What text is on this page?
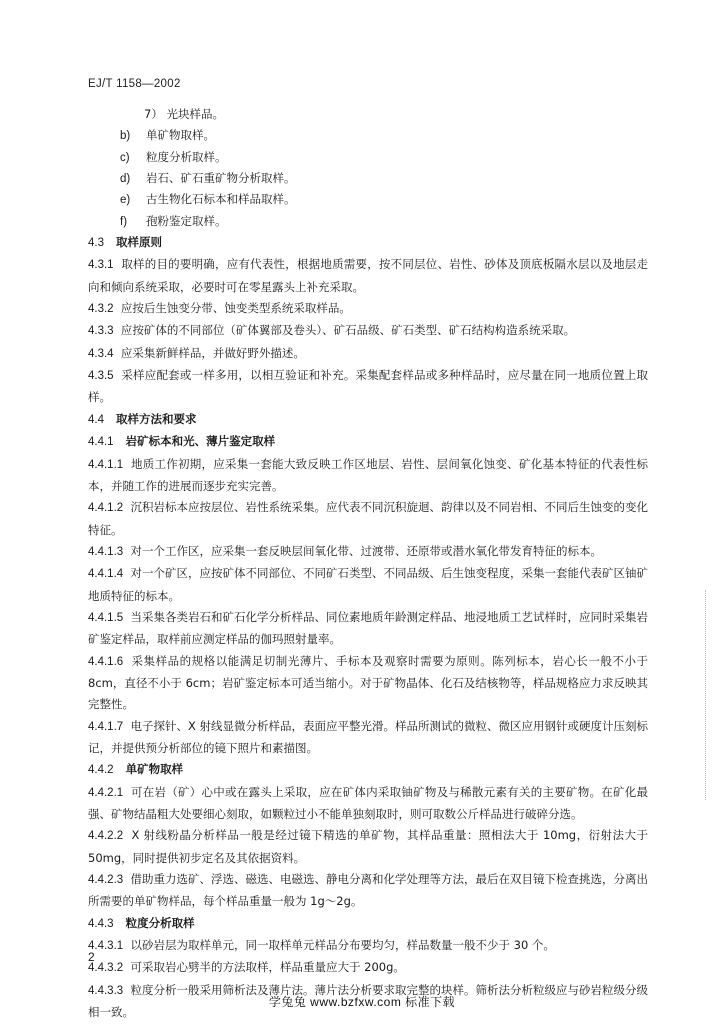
EJ/T 1158—2002
7） 光块样品。
b) 单矿物取样。
c) 粒度分析取样。
d) 岩石、矿石重矿物分析取样。
e) 古生物化石标本和样品取样。
f) 孢粉鉴定取样。
4.3 取样原则
4.3.1 取样的目的要明确，应有代表性，根据地质需要，按不同层位、岩性、砂体及顶底板隔水层以及地层走向和倾向系统采取，必要时可在零星露头上补充采取。
4.3.2 应按后生蚀变分带、蚀变类型系统采取样品。
4.3.3 应按矿体的不同部位（矿体翼部及卷头）、矿石品级、矿石类型、矿石结构构造系统采取。
4.3.4 应采集新鲜样品，并做好野外描述。
4.3.5 采样应配套或一样多用，以相互验证和补充。采集配套样品或多种样品时，应尽量在同一地质位置上取样。
4.4 取样方法和要求
4.4.1 岩矿标本和光、薄片鉴定取样
4.4.1.1 地质工作初期，应采集一套能大致反映工作区地层、岩性、层间氧化蚀变、矿化基本特征的代表性标本，并随工作的进展而逐步充实完善。
4.4.1.2 沉积岩标本应按层位、岩性系统采集。应代表不同沉积旋迴、韵律以及不同岩相、不同后生蚀变的变化特征。
4.4.1.3 对一个工作区，应采集一套反映层间氧化带、过渡带、还原带或潜水氧化带发育特征的标本。
4.4.1.4 对一个矿区，应按矿体不同部位、不同矿石类型、不同品级、后生蚀变程度，采集一套能代表矿区铀矿地质特征的标本。
4.4.1.5 当采集各类岩石和矿石化学分析样品、同位素地质年龄测定样品、地浸地质工艺试样时，应同时采集岩矿鉴定样品，取样前应测定样品的伽玛照射量率。
4.4.1.6 采集样品的规格以能满足切制光薄片、手标本及观察时需要为原则。陈列标本，岩心长一般不小于 8cm，直径不小于 6cm；岩矿鉴定标本可适当缩小。对于矿物晶体、化石及结核物等，样品规格应力求反映其完整性。
4.4.1.7 电子探针、X 射线显微分析样品，表面应平整光滑。样品所测试的微粒、微区应用钢针或硬度计压刻标记，并提供预分析部位的镜下照片和素描图。
4.4.2 单矿物取样
4.4.2.1 可在岩（矿）心中或在露头上采取，应在矿体内采取铀矿物及与稀散元素有关的主要矿物。在矿化最强、矿物结晶粗大处要细心刻取，如颗粒过小不能单独刻取时，则可取数公斤样品进行破碎分选。
4.4.2.2 X 射线粉晶分析样品一般是经过镜下精选的单矿物，其样品重量：照相法大于 10mg，衍射法大于 50mg，同时提供初步定名及其依据资料。
4.4.2.3 借助重力选矿、浮选、磁选、电磁选、静电分离和化学处理等方法，最后在双目镜下检查挑选，分离出所需要的单矿物样品，每个样品重量一般为 1g～2g。
4.4.3 粒度分析取样
4.4.3.1 以砂岩层为取样单元，同一取样单元样品分布要均匀，样品数量一般不少于 30 个。
4.4.3.2 可采取岩心劈半的方法取样，样品重量应大于 200g。
4.4.3.3 粒度分析一般采用筛析法及薄片法。薄片法分析要求取完整的块样。筛析法分析粒级应与砂岩粒级分级相一致。
2
学兔兔 www.bzfxw.com 标准下载
